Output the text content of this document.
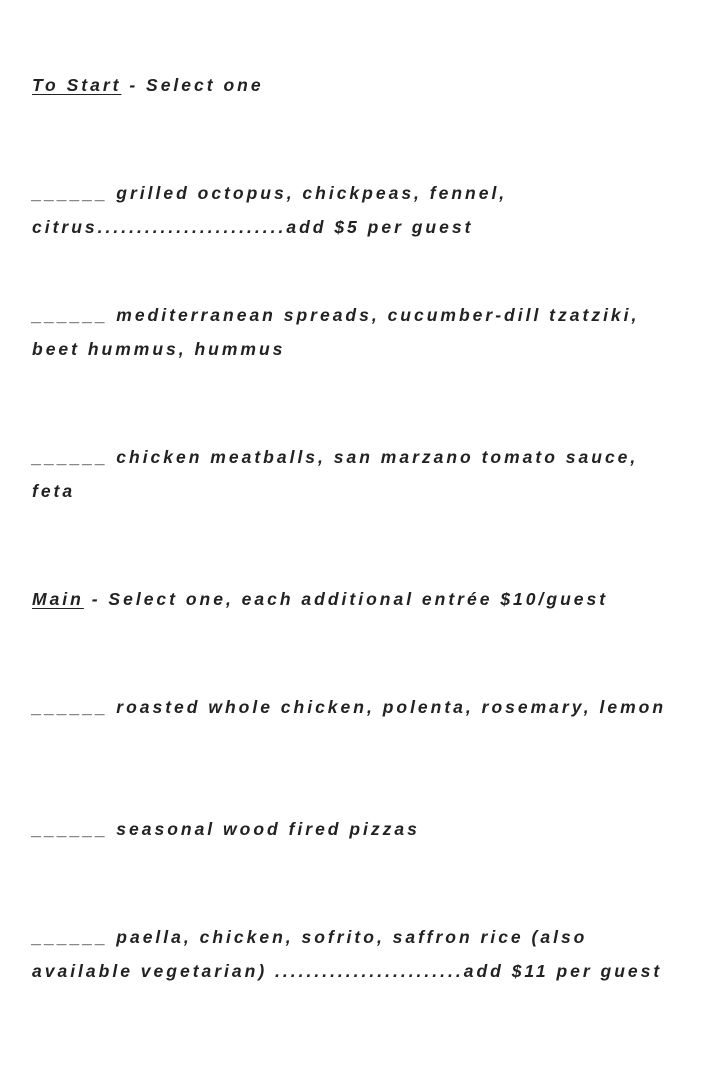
To Start - Select one
______ grilled octopus, chickpeas, fennel, citrus........................add $5 per guest
______ mediterranean spreads, cucumber-dill tzatziki, beet hummus, hummus
______ chicken meatballs, san marzano tomato sauce, feta
Main - Select one, each additional entrée $10/guest
______ roasted whole chicken, polenta, rosemary, lemon
______ seasonal wood fired pizzas
______ paella, chicken, sofrito, saffron rice (also available vegetarian) ........................add $11 per guest
